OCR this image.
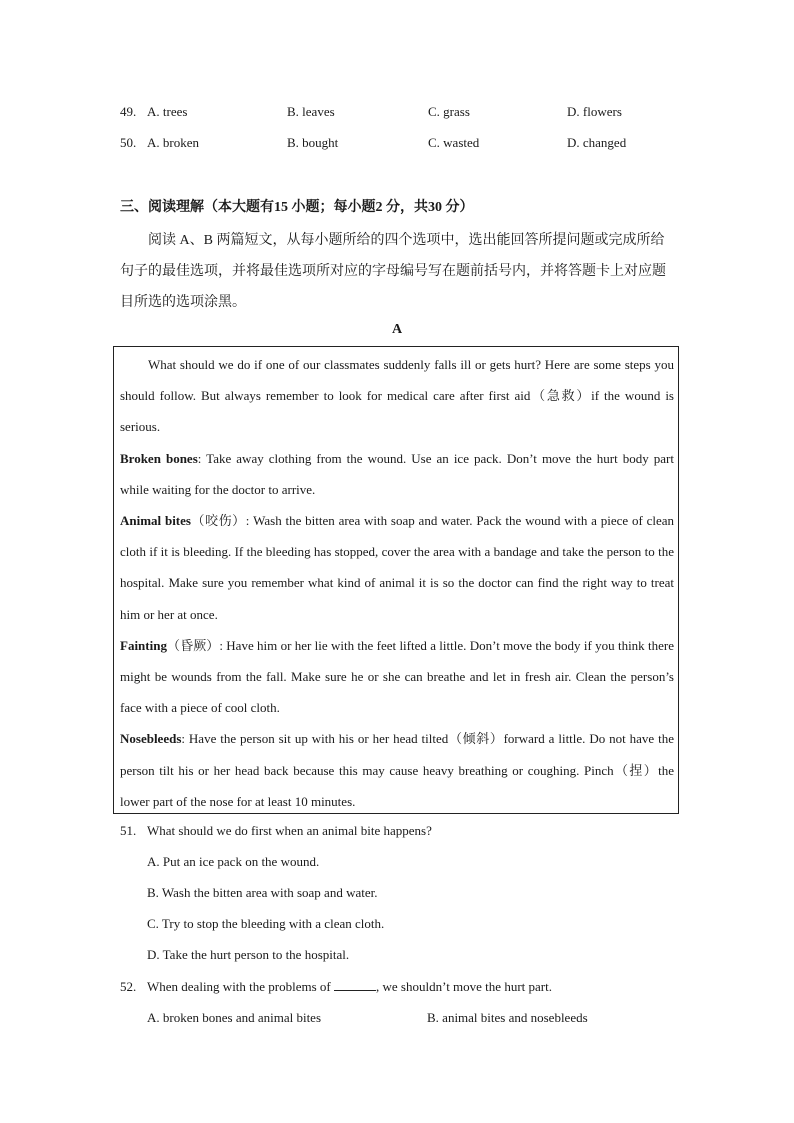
49. A. trees	B. leaves	C. grass	D. flowers
50. A. broken	B. bought	C. wasted	D. changed
三、阅读理解（本大题有15 小题；每小题2 分，共30 分）
阅读 A、B 两篇短文，从每小题所给的四个选项中，选出能回答所提问题或完成所给句子的最佳选项，并将最佳选项所对应的字母编号写在题前括号内，并将答题卡上对应题目所选的选项涂黑。
A

What should we do if one of our classmates suddenly falls ill or gets hurt? Here are some steps you should follow. But always remember to look for medical care after first aid（急救）if the wound is serious.

Broken bones: Take away clothing from the wound. Use an ice pack. Don’t move the hurt body part while waiting for the doctor to arrive.

Animal bites（咬伤）: Wash the bitten area with soap and water. Pack the wound with a piece of clean cloth if it is bleeding. If the bleeding has stopped, cover the area with a bandage and take the person to the hospital. Make sure you remember what kind of animal it is so the doctor can find the right way to treat him or her at once.

Fainting（昏厥）: Have him or her lie with the feet lifted a little. Don’t move the body if you think there might be wounds from the fall. Make sure he or she can breathe and let in fresh air. Clean the person’s face with a piece of cool cloth.

Nosebleeds: Have the person sit up with his or her head tilted（倾斜）forward a little. Do not have the person tilt his or her head back because this may cause heavy breathing or coughing. Pinch（捏）the lower part of the nose for at least 10 minutes.

51. What should we do first when an animal bite happens?
A. Put an ice pack on the wound.
B. Wash the bitten area with soap and water.
C. Try to stop the bleeding with a clean cloth.
D. Take the hurt person to the hospital.
52. When dealing with the problems of	, we shouldn’t move the hurt part.
A. broken bones and animal bites	B. animal bites and nosebleeds
